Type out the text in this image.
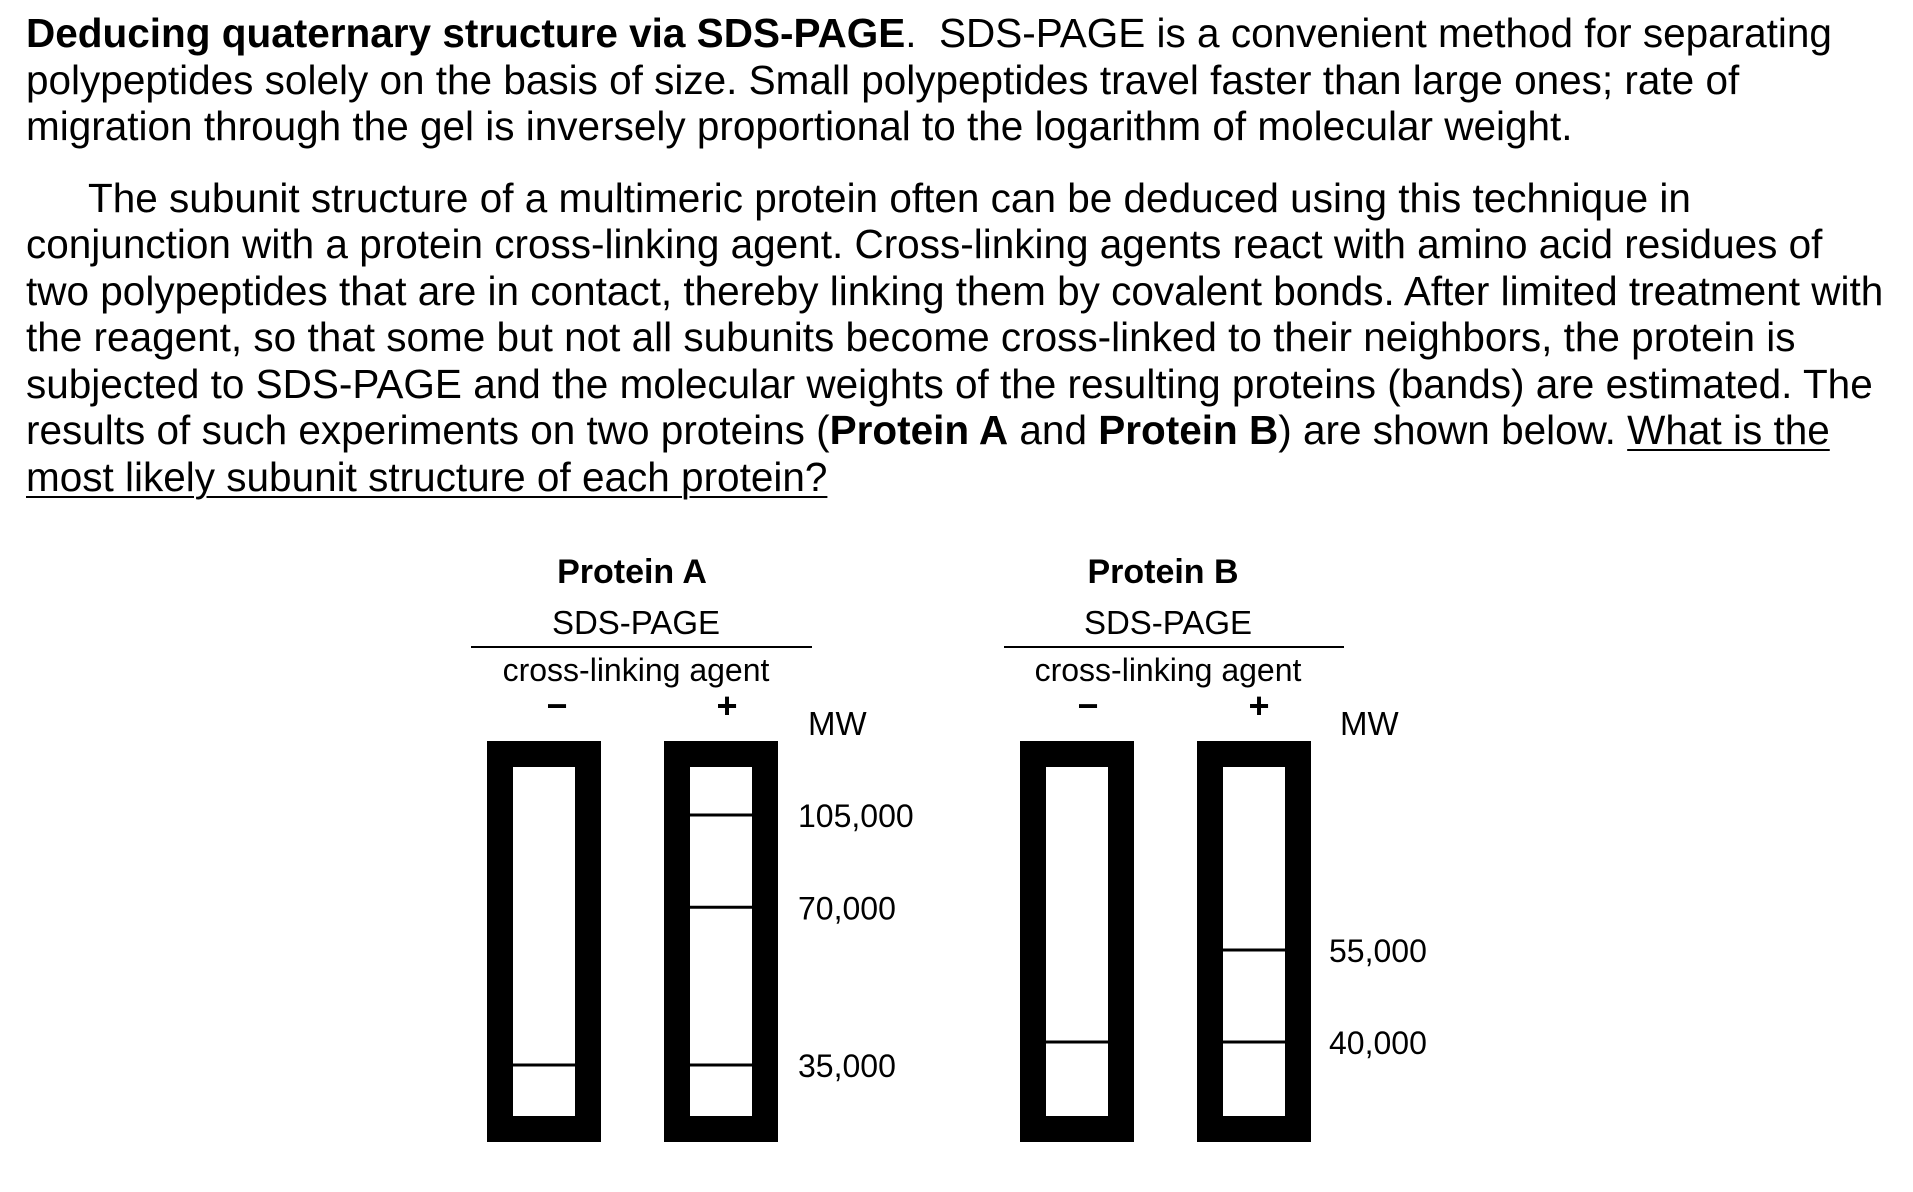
Deducing quaternary structure via SDS-PAGE. SDS-PAGE is a convenient method for separating polypeptides solely on the basis of size. Small polypeptides travel faster than large ones; rate of migration through the gel is inversely proportional to the logarithm of molecular weight.

The subunit structure of a multimeric protein often can be deduced using this technique in conjunction with a protein cross-linking agent. Cross-linking agents react with amino acid residues of two polypeptides that are in contact, thereby linking them by covalent bonds. After limited treatment with the reagent, so that some but not all subunits become cross-linked to their neighbors, the protein is subjected to SDS-PAGE and the molecular weights of the resulting proteins (bands) are estimated. The results of such experiments on two proteins (Protein A and Protein B) are shown below. What is the most likely subunit structure of each protein?

Protein A
SDS-PAGE
cross-linking agent
−	+ MW
105,000
70,000
35,000
Protein B
SDS-PAGE
cross-linking agent
−	+ MW
55,000
40,000
